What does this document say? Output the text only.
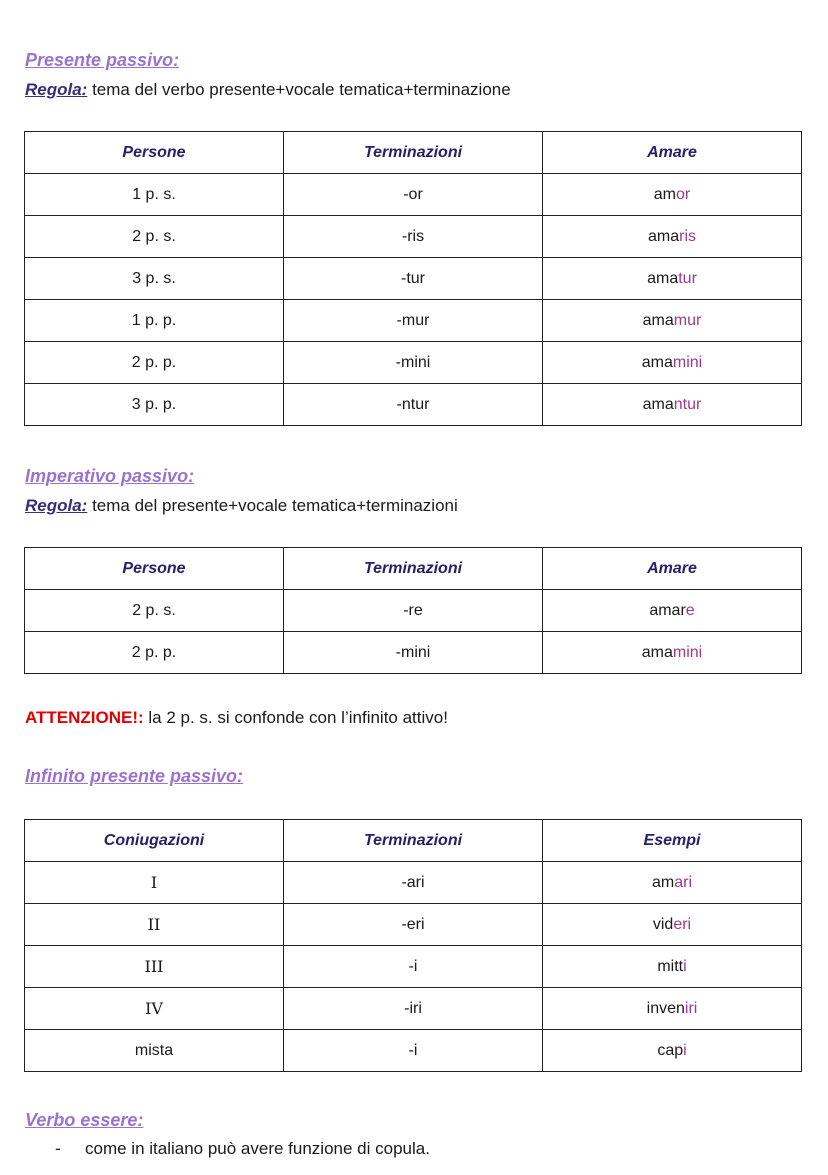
Presente passivo:

Regola: tema del verbo presente+vocale tematica+terminazione

Persone	Terminazioni	Amare
1 p. s.	-or	amor
2 p. s.	-ris	amaris
3 p. s.	-tur	amatur
1 p. p.	-mur	amamur
2 p. p.	-mini	amamini
3 p. p.	-ntur	amantur

Imperativo passivo:

Regola: tema del presente+vocale tematica+terminazioni

Persone	Terminazioni	Amare
2 p. s.	-re	amare
2 p. p.	-mini	amamini

ATTENZIONE!: la 2 p. s. si confonde con l’infinito attivo!

Infinito presente passivo:

Coniugazioni	Terminazioni	Esempi
I	-ari	amari
II	-eri	videri
III	-i	mitti
IV	-iri	inveniri
mista	-i	capi

Verbo essere:

- come in italiano può avere funzione di copula.
